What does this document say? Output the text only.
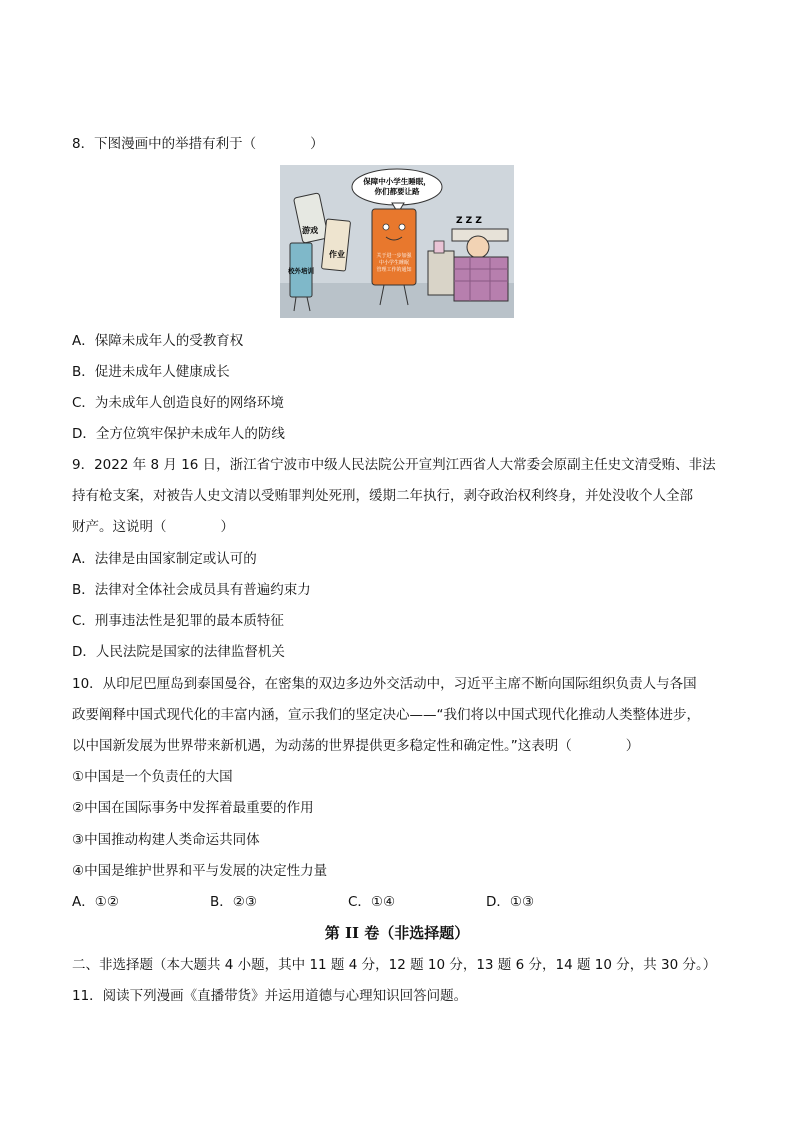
8．下图漫画中的举措有利于（　　　　）
保障中小学生睡眠，
你们都要让路
游戏
作业
校外培训
关于进一步加强
中小学生睡眠
管理工作的通知
Z Z Z
A．保障未成年人的受教育权
B．促进未成年人健康成长
C．为未成年人创造良好的网络环境
D．全方位筑牢保护未成年人的防线
9．2022 年 8 月 16 日，浙江省宁波市中级人民法院公开宣判江西省人大常委会原副主任史文清受贿、非法
持有枪支案，对被告人史文清以受贿罪判处死刑，缓期二年执行，剥夺政治权利终身，并处没收个人全部
财产。这说明（　　　　）
A．法律是由国家制定或认可的
B．法律对全体社会成员具有普遍约束力
C．刑事违法性是犯罪的最本质特征
D．人民法院是国家的法律监督机关
10．从印尼巴厘岛到泰国曼谷，在密集的双边多边外交活动中，习近平主席不断向国际组织负责人与各国
政要阐释中国式现代化的丰富内涵，宣示我们的坚定决心——“我们将以中国式现代化推动人类整体进步，
以中国新发展为世界带来新机遇，为动荡的世界提供更多稳定性和确定性。”这表明（　　　　）
①中国是一个负责任的大国
②中国在国际事务中发挥着最重要的作用
③中国推动构建人类命运共同体
④中国是维护世界和平与发展的决定性力量
A．①②	B．②③	C．①④	D．①③
第 II 卷（非选择题）
二、非选择题（本大题共 4 小题，其中 11 题 4 分，12 题 10 分，13 题 6 分，14 题 10 分，共 30 分。）
11．阅读下列漫画《直播带货》并运用道德与心理知识回答问题。
